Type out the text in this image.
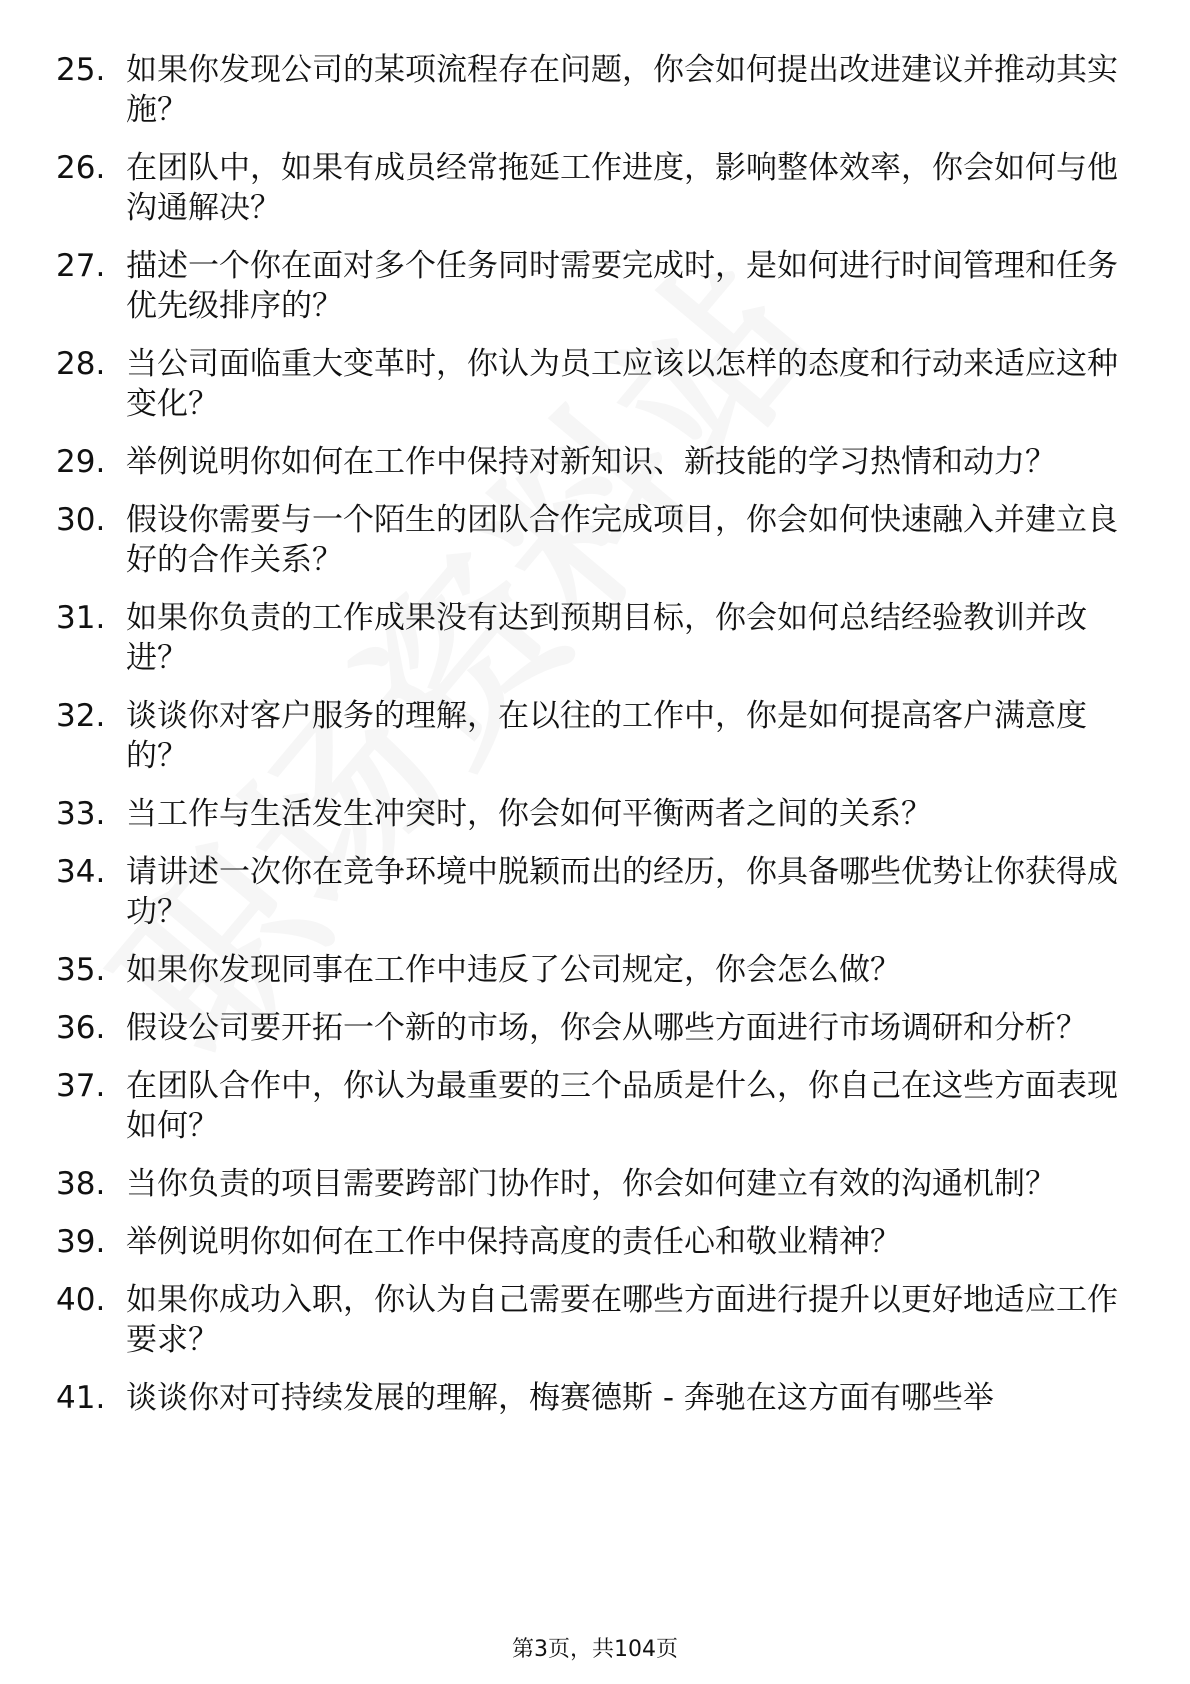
25. 如果你发现公司的某项流程存在问题，你会如何提出改进建议并推动其实施？
26. 在团队中，如果有成员经常拖延工作进度，影响整体效率，你会如何与他沟通解决？
27. 描述一个你在面对多个任务同时需要完成时，是如何进行时间管理和任务优先级排序的？
28. 当公司面临重大变革时，你认为员工应该以怎样的态度和行动来适应这种变化？
29. 举例说明你如何在工作中保持对新知识、新技能的学习热情和动力？
30. 假设你需要与一个陌生的团队合作完成项目，你会如何快速融入并建立良好的合作关系？
31. 如果你负责的工作成果没有达到预期目标，你会如何总结经验教训并改进？
32. 谈谈你对客户服务的理解，在以往的工作中，你是如何提高客户满意度的？
33. 当工作与生活发生冲突时，你会如何平衡两者之间的关系？
34. 请讲述一次你在竞争环境中脱颖而出的经历，你具备哪些优势让你获得成功？
35. 如果你发现同事在工作中违反了公司规定，你会怎么做？
36. 假设公司要开拓一个新的市场，你会从哪些方面进行市场调研和分析？
37. 在团队合作中，你认为最重要的三个品质是什么，你自己在这些方面表现如何？
38. 当你负责的项目需要跨部门协作时，你会如何建立有效的沟通机制？
39. 举例说明你如何在工作中保持高度的责任心和敬业精神？
40. 如果你成功入职，你认为自己需要在哪些方面进行提升以更好地适应工作要求？
41. 谈谈你对可持续发展的理解，梅赛德斯 - 奔驰在这方面有哪些举
第3页，共104页
